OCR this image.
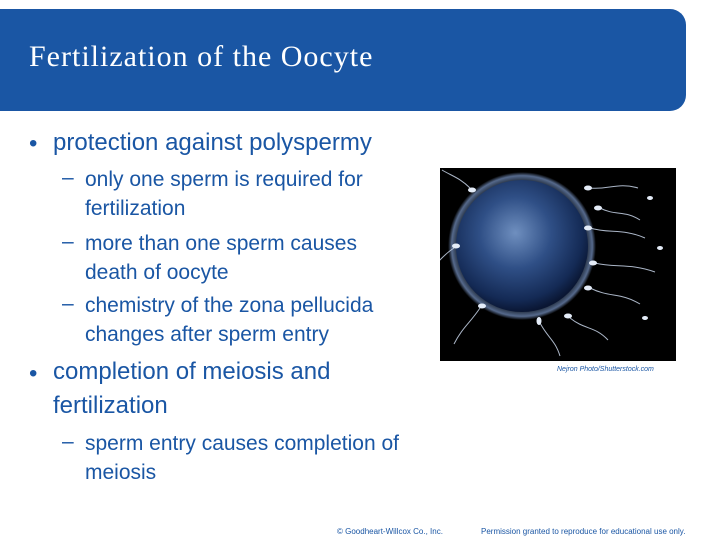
Fertilization of the Oocyte
• protection against polyspermy
– only one sperm is required for
fertilization
– more than one sperm causes
death of oocyte
– chemistry of the zona pellucida
changes after sperm entry
• completion of meiosis and
fertilization
– sperm entry causes completion of
meiosis
Nejron Photo/Shutterstock.com
© Goodheart-Willcox Co., Inc.	Permission granted to reproduce for educational use only.
